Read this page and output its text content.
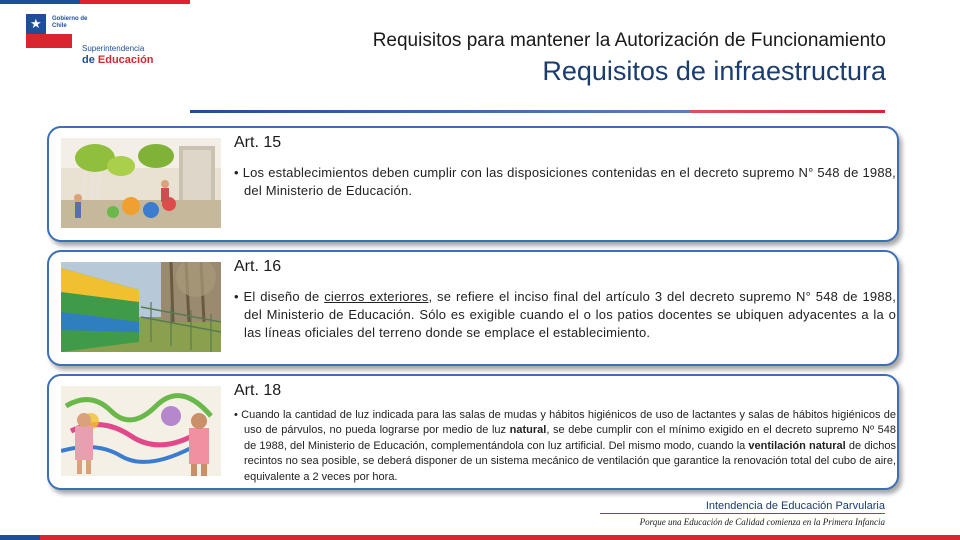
★ Gobierno de Chile
Superintendencia
de Educación
Requisitos para mantener la Autorización de Funcionamiento
Requisitos de infraestructura
Art. 15
• Los establecimientos deben cumplir con las disposiciones contenidas en el decreto supremo N° 548 de 1988, del Ministerio de Educación.
Art. 16
• El diseño de cierros exteriores, se refiere el inciso final del artículo 3 del decreto supremo N° 548 de 1988, del Ministerio de Educación. Sólo es exigible cuando el o los patios docentes se ubiquen adyacentes a la o las líneas oficiales del terreno donde se emplace el establecimiento.
Art. 18
• Cuando la cantidad de luz indicada para las salas de mudas y hábitos higiénicos de uso de lactantes y salas de hábitos higiénicos de uso de párvulos, no pueda lograrse por medio de luz natural, se debe cumplir con el mínimo exigido en el decreto supremo Nº 548 de 1988, del Ministerio de Educación, complementándola con luz artificial. Del mismo modo, cuando la ventilación natural de dichos recintos no sea posible, se deberá disponer de un sistema mecánico de ventilación que garantice la renovación total del cubo de aire, equivalente a 2 veces por hora.
Intendencia de Educación Parvularia
Porque una Educación de Calidad comienza en la Primera Infancia
